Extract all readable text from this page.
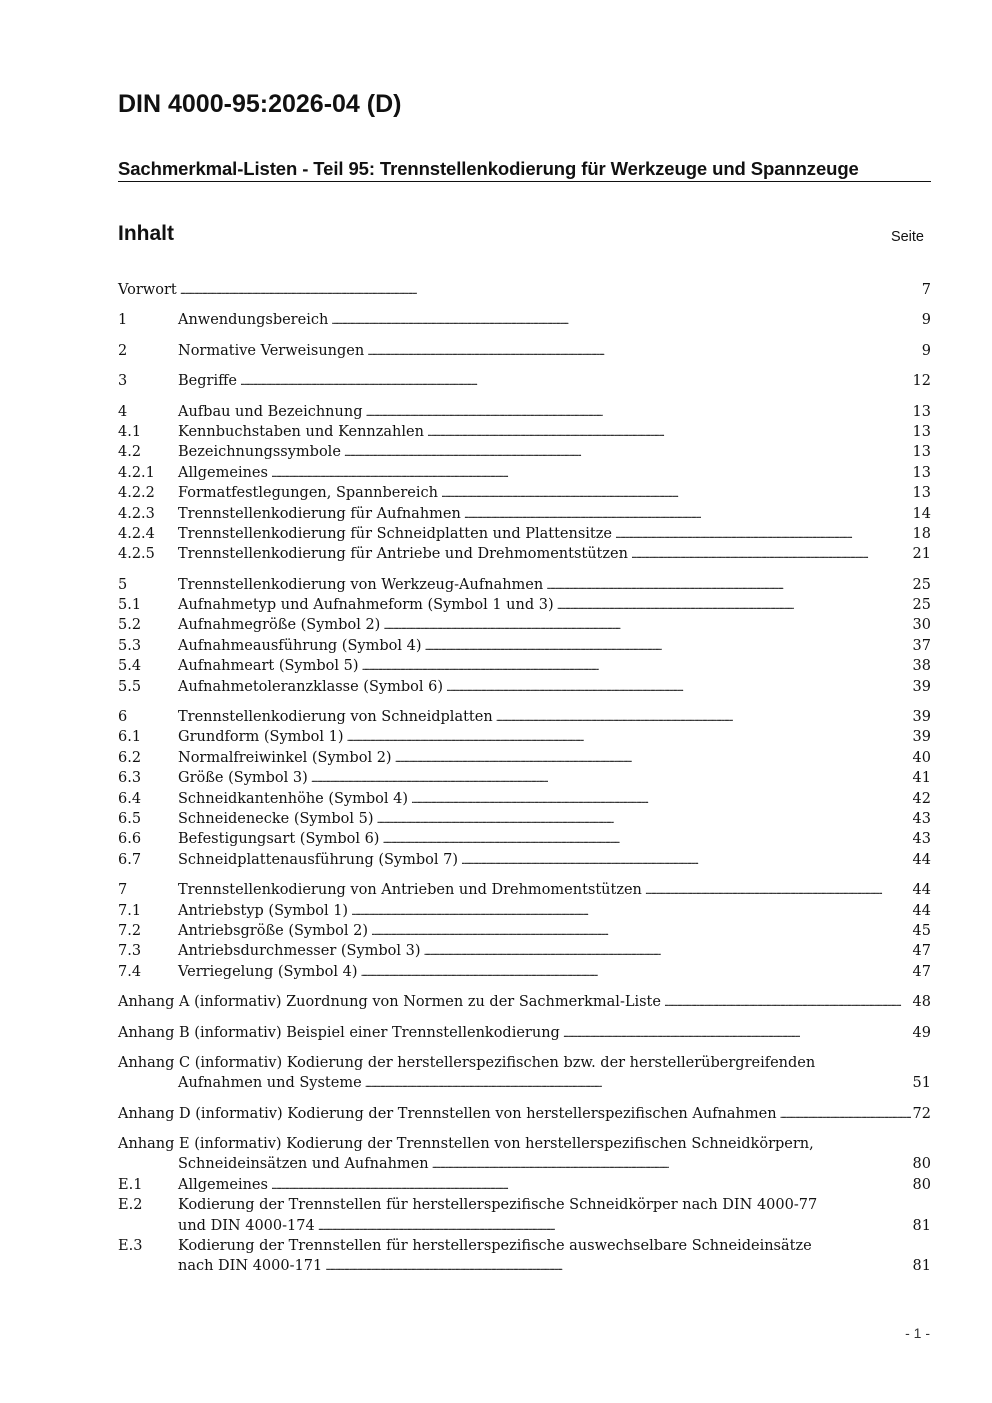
DIN 4000-95:2026-04 (D)
Sachmerkmal-Listen - Teil 95: Trennstellenkodierung für Werkzeuge und Spannzeuge
Inhalt	Seite
Vorwort . . .	7
1	Anwendungsbereich . . .	9
2	Normative Verweisungen . . .	9
3	Begriffe . . .	12
4	Aufbau und Bezeichnung . . .	13
4.1	Kennbuchstaben und Kennzahlen . . .	13
4.2	Bezeichnungssymbole . . .	13
4.2.1 Allgemeines . . .	13
4.2.2 Formatfestlegungen, Spannbereich . . .	13
4.2.3 Trennstellenkodierung für Aufnahmen . . .	14
4.2.4 Trennstellenkodierung für Schneidplatten und Plattensitze . . .	18
4.2.5 Trennstellenkodierung für Antriebe und Drehmomentstützen . . .	21
5	Trennstellenkodierung von Werkzeug-Aufnahmen . . .	25
5.1	Aufnahmetyp und Aufnahmeform (Symbol 1 und 3) . . .	25
5.2	Aufnahmegröße (Symbol 2) . . .	30
5.3	Aufnahmeausführung (Symbol 4) . . .	37
5.4	Aufnahmeart (Symbol 5) . . .	38
5.5	Aufnahmetoleranzklasse (Symbol 6) . . .	39
6	Trennstellenkodierung von Schneidplatten . . .	39
6.1	Grundform (Symbol 1) . . .	39
6.2	Normalfreiwinkel (Symbol 2) . . .	40
6.3	Größe (Symbol 3) . . .	41
6.4	Schneidkantenhöhe (Symbol 4) . . .	42
6.5	Schneidenecke (Symbol 5) . . .	43
6.6	Befestigungsart (Symbol 6) . . .	43
6.7	Schneidplattenausführung (Symbol 7) . . .	44
7	Trennstellenkodierung von Antrieben und Drehmomentstützen . . .	44
7.1	Antriebstyp (Symbol 1) . . .	44
7.2	Antriebsgröße (Symbol 2) . . .	45
7.3	Antriebsdurchmesser (Symbol 3) . . .	47
7.4	Verriegelung (Symbol 4) . . .	47
Anhang A (informativ) Zuordnung von Normen zu der Sachmerkmal-Liste . . .	48
Anhang B (informativ) Beispiel einer Trennstellenkodierung . . .	49
Anhang C (informativ) Kodierung der herstellerspezifischen bzw. der herstellerübergreifenden
Aufnahmen und Systeme . . .	51
Anhang D (informativ) Kodierung der Trennstellen von herstellerspezifischen Aufnahmen . . .	72
Anhang E (informativ) Kodierung der Trennstellen von herstellerspezifischen Schneidkörpern,
Schneideinsätzen und Aufnahmen . . .	80
E.1 Allgemeines . . .	80
E.2 Kodierung der Trennstellen für herstellerspezifische Schneidkörper nach DIN 4000-77
und DIN 4000-174 . . .	81
E.3 Kodierung der Trennstellen für herstellerspezifische auswechselbare Schneideinsätze
nach DIN 4000-171 . . .	81
- 1 -
